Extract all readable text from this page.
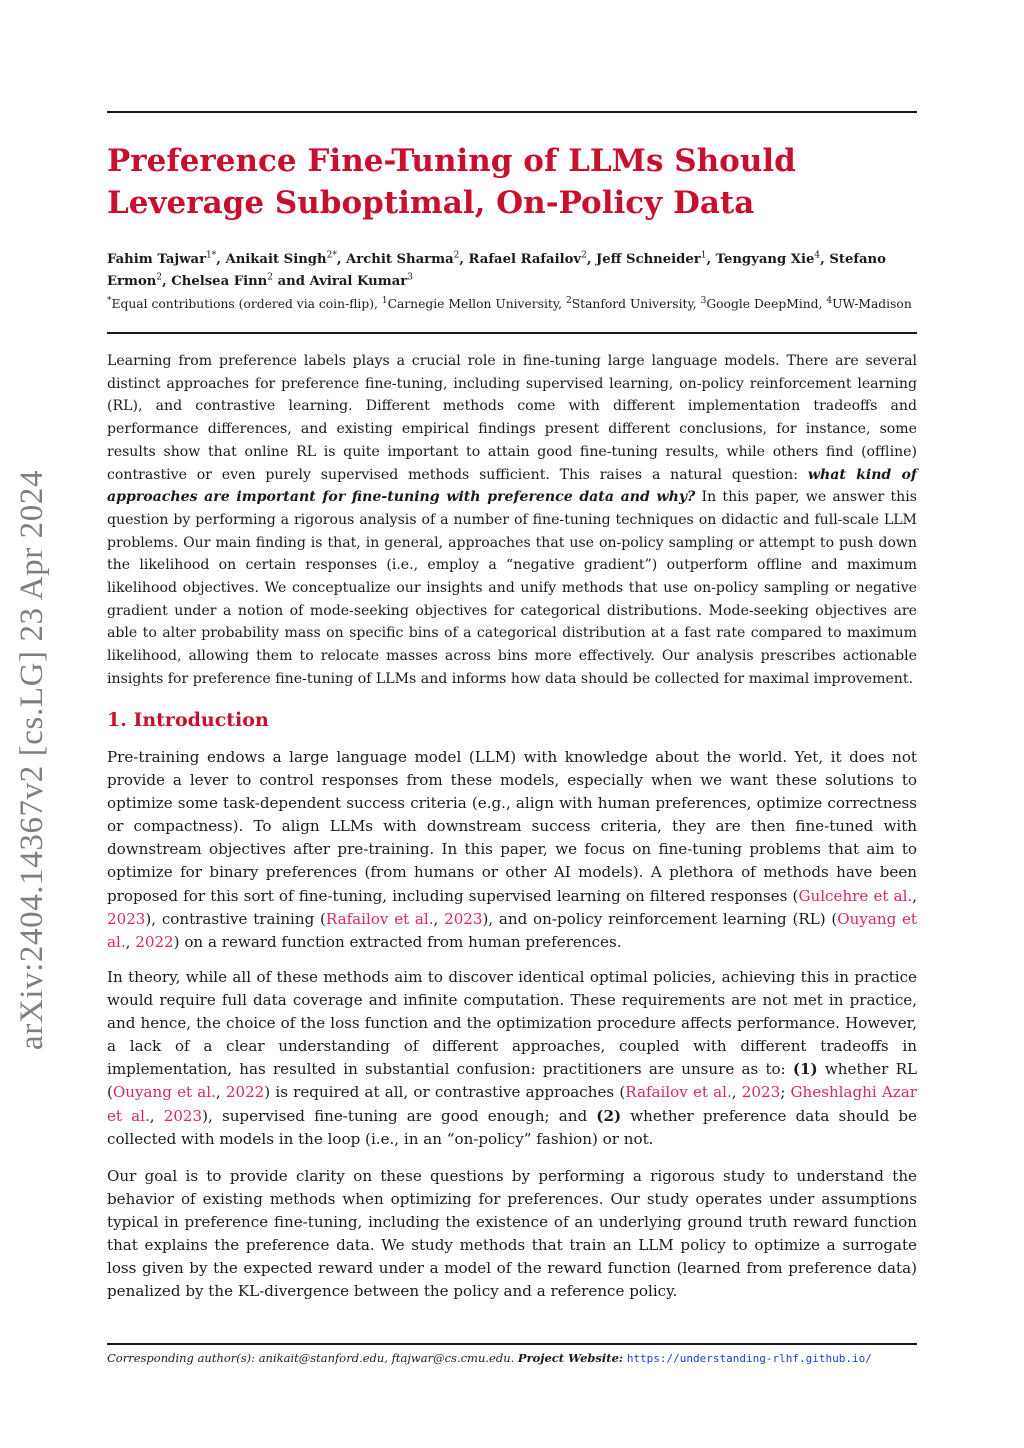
arXiv:2404.14367v2 [cs.LG] 23 Apr 2024
Preference Fine-Tuning of LLMs Should
Leverage Suboptimal, On-Policy Data
Fahim Tajwar$^{1*}$, Anikait Singh$^{2*}$, Archit Sharma$^2$, Rafael Rafailov$^2$, Jeff Schneider$^1$, Tengyang Xie$^4$, Stefano Ermon$^2$, Chelsea Finn$^2$ and Aviral Kumar$^3$
*Equal contributions (ordered via coin-flip), $^1$Carnegie Mellon University, $^2$Stanford University, $^3$Google DeepMind, $^4$UW-Madison
Learning from preference labels plays a crucial role in fine-tuning large language models. There are several distinct approaches for preference fine-tuning, including supervised learning, on-policy reinforcement learning (RL), and contrastive learning. Different methods come with different implementation tradeoffs and performance differences, and existing empirical findings present different conclusions, for instance, some results show that online RL is quite important to attain good fine-tuning results, while others find (offline) contrastive or even purely supervised methods sufficient. This raises a natural question: what kind of approaches are important for fine-tuning with preference data and why? In this paper, we answer this question by performing a rigorous analysis of a number of fine-tuning techniques on didactic and full-scale LLM problems. Our main finding is that, in general, approaches that use on-policy sampling or attempt to push down the likelihood on certain responses (i.e., employ a “negative gradient”) outperform offline and maximum likelihood objectives. We conceptualize our insights and unify methods that use on-policy sampling or negative gradient under a notion of mode-seeking objectives for categorical distributions. Mode-seeking objectives are able to alter probability mass on specific bins of a categorical distribution at a fast rate compared to maximum likelihood, allowing them to relocate masses across bins more effectively. Our analysis prescribes actionable insights for preference fine-tuning of LLMs and informs how data should be collected for maximal improvement.
1. Introduction

Pre-training endows a large language model (LLM) with knowledge about the world. Yet, it does not provide a lever to control responses from these models, especially when we want these solutions to optimize some task-dependent success criteria (e.g., align with human preferences, optimize correctness or compactness). To align LLMs with downstream success criteria, they are then fine-tuned with downstream objectives after pre-training. In this paper, we focus on fine-tuning problems that aim to optimize for binary preferences (from humans or other AI models). A plethora of methods have been proposed for this sort of fine-tuning, including supervised learning on filtered responses (Gulcehre et al., 2023), contrastive training (Rafailov et al., 2023), and on-policy reinforcement learning (RL) (Ouyang et al., 2022) on a reward function extracted from human preferences.

In theory, while all of these methods aim to discover identical optimal policies, achieving this in practice would require full data coverage and infinite computation. These requirements are not met in practice, and hence, the choice of the loss function and the optimization procedure affects performance. However, a lack of a clear understanding of different approaches, coupled with different tradeoffs in implementation, has resulted in substantial confusion: practitioners are unsure as to: (1) whether RL (Ouyang et al., 2022) is required at all, or contrastive approaches (Rafailov et al., 2023; Gheshlaghi Azar et al., 2023), supervised fine-tuning are good enough; and (2) whether preference data should be collected with models in the loop (i.e., in an “on-policy” fashion) or not.

Our goal is to provide clarity on these questions by performing a rigorous study to understand the behavior of existing methods when optimizing for preferences. Our study operates under assumptions typical in preference fine-tuning, including the existence of an underlying ground truth reward function that explains the preference data. We study methods that train an LLM policy to optimize a surrogate loss given by the expected reward under a model of the reward function (learned from preference data) penalized by the KL-divergence between the policy and a reference policy.

Corresponding author(s): anikait@stanford.edu, ftajwar@cs.cmu.edu. Project Website: https://understanding-rlhf.github.io/
